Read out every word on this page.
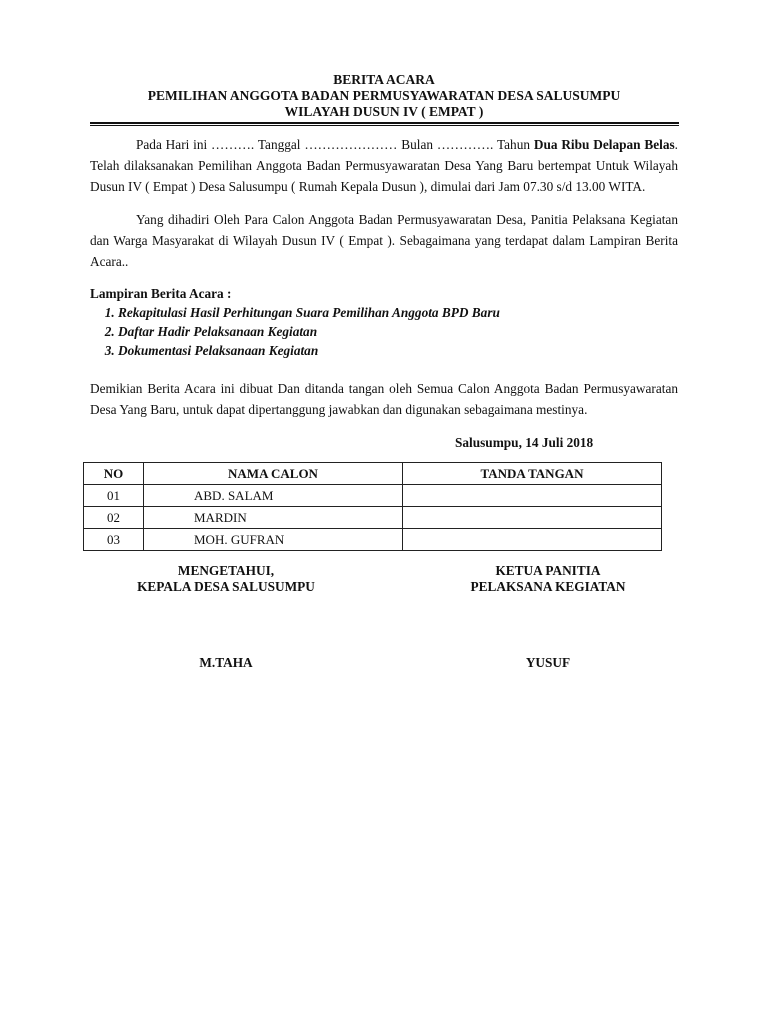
BERITA ACARA
PEMILIHAN ANGGOTA BADAN PERMUSYAWARATAN DESA SALUSUMPU
WILAYAH DUSUN IV ( EMPAT )
Pada Hari ini ………. Tanggal ………………… Bulan …………. Tahun Dua Ribu Delapan Belas. Telah dilaksanakan Pemilihan Anggota Badan Permusyawaratan Desa Yang Baru bertempat Untuk Wilayah Dusun IV ( Empat ) Desa Salusumpu ( Rumah Kepala Dusun ), dimulai dari Jam 07.30 s/d 13.00 WITA.
Yang dihadiri Oleh Para Calon Anggota Badan Permusyawaratan Desa, Panitia Pelaksana Kegiatan dan Warga Masyarakat di Wilayah Dusun IV ( Empat ). Sebagaimana yang terdapat dalam Lampiran Berita Acara..
Lampiran Berita Acara :
1. Rekapitulasi Hasil Perhitungan Suara Pemilihan Anggota BPD Baru
2. Daftar Hadir Pelaksanaan Kegiatan
3. Dokumentasi Pelaksanaan Kegiatan
Demikian Berita Acara ini dibuat Dan ditanda tangan oleh Semua Calon Anggota Badan Permusyawaratan Desa Yang Baru, untuk dapat dipertanggung jawabkan dan digunakan sebagaimana mestinya.
Salusumpu, 14 Juli 2018
NO	NAMA CALON	TANDA TANGAN
01	ABD. SALAM	
02	MARDIN	
03	MOH. GUFRAN	
MENGETAHUI,
KEPALA DESA SALUSUMPU
M.TAHA
KETUA PANITIA
PELAKSANA KEGIATAN
YUSUF
